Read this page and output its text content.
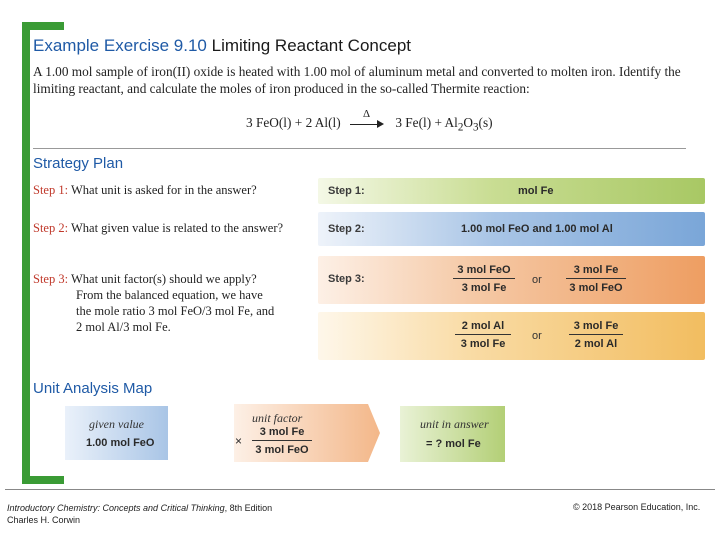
Example Exercise 9.10 Limiting Reactant Concept
A 1.00 mol sample of iron(II) oxide is heated with 1.00 mol of aluminum metal and converted to molten iron. Identify the limiting reactant, and calculate the moles of iron produced in the so-called Thermite reaction:
3 FeO(l) + 2 Al(l)
Δ
3 $Fe(l) + Al_2O_3(s)$
Strategy Plan
Step 1: What unit is asked for in the answer?
Step 2: What given value is related to the answer?
Step 3: What unit factor(s) should we apply?
From the balanced equation, we have
the mole ratio 3 mol FeO/3 mol Fe, and
2 mol Al/3 mol Fe.
Step 1:	mol Fe
Step 2:	1.00 mol FeO and 1.00 mol Al
Step 3:
3 mol FeO
3 mol Fe
or
3 mol Fe
3 mol FeO
2 mol Al
3 mol Fe
or
3 mol Fe
2 mol Al
Unit Analysis Map
given value
1.00 mol FeO	×
unit factor
3 mol Fe
3 mol FeO
unit in answer
= ? mol Fe
Introductory Chemistry: Concepts and Critical Thinking, 8th Edition
Charles H. Corwin
© 2018 Pearson Education, Inc.
